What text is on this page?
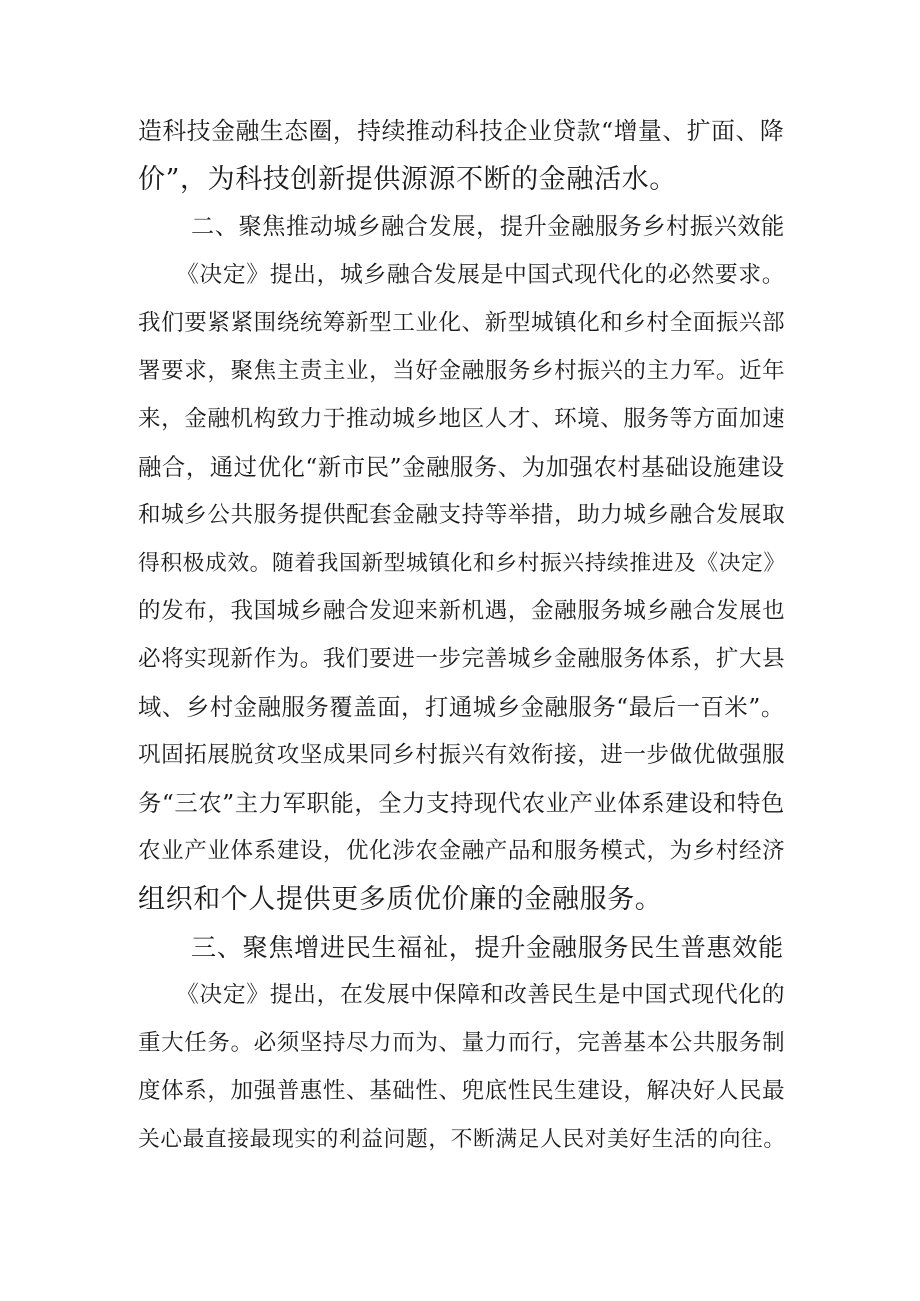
造科技金融生态圈，持续推动科技企业贷款“增量、扩面、降
价”，为科技创新提供源源不断的金融活水。
二、聚焦推动城乡融合发展，提升金融服务乡村振兴效能
《决定》提出，城乡融合发展是中国式现代化的必然要求。
我们要紧紧围绕统筹新型工业化、新型城镇化和乡村全面振兴部
署要求，聚焦主责主业，当好金融服务乡村振兴的主力军。近年
来，金融机构致力于推动城乡地区人才、环境、服务等方面加速
融合，通过优化“新市民”金融服务、为加强农村基础设施建设
和城乡公共服务提供配套金融支持等举措，助力城乡融合发展取
得积极成效。随着我国新型城镇化和乡村振兴持续推进及《决定》
的发布，我国城乡融合发迎来新机遇，金融服务城乡融合发展也
必将实现新作为。我们要进一步完善城乡金融服务体系，扩大县
域、乡村金融服务覆盖面，打通城乡金融服务“最后一百米”。
巩固拓展脱贫攻坚成果同乡村振兴有效衔接，进一步做优做强服
务“三农”主力军职能，全力支持现代农业产业体系建设和特色
农业产业体系建设，优化涉农金融产品和服务模式，为乡村经济
组织和个人提供更多质优价廉的金融服务。
三、聚焦增进民生福祉，提升金融服务民生普惠效能
《决定》提出，在发展中保障和改善民生是中国式现代化的
重大任务。必须坚持尽力而为、量力而行，完善基本公共服务制
度体系，加强普惠性、基础性、兜底性民生建设，解决好人民最
关心最直接最现实的利益问题，不断满足人民对美好生活的向往。
